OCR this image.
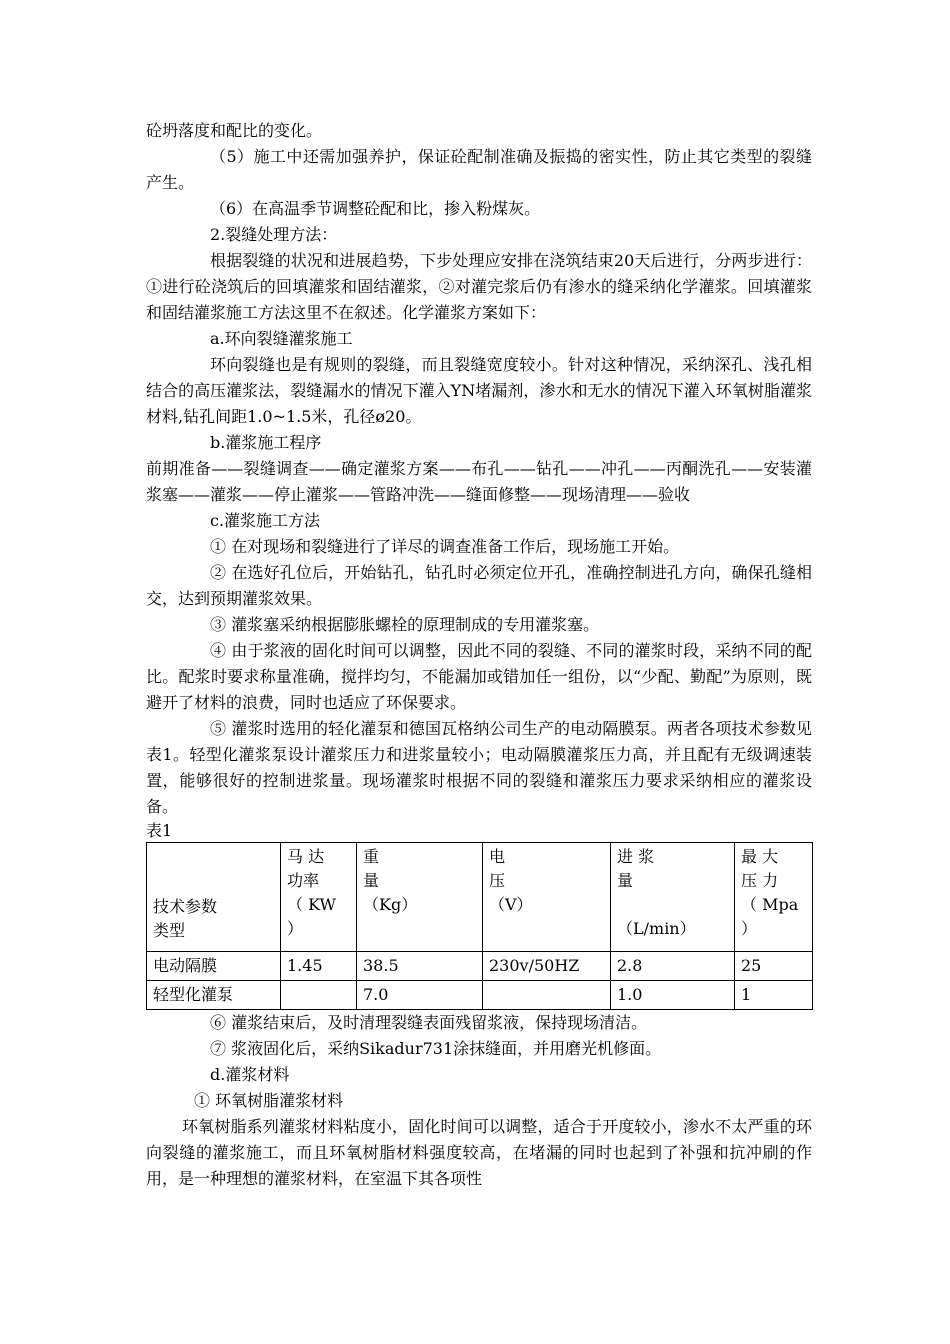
砼坍落度和配比的变化。

（5）施工中还需加强养护，保证砼配制准确及振捣的密实性，防止其它类型的裂缝产生。

（6）在高温季节调整砼配和比，掺入粉煤灰。

2.裂缝处理方法：

根据裂缝的状况和进展趋势，下步处理应安排在浇筑结束20天后进行，分两步进行：①进行砼浇筑后的回填灌浆和固结灌浆，②对灌完浆后仍有渗水的缝采纳化学灌浆。回填灌浆和固结灌浆施工方法这里不在叙述。化学灌浆方案如下：

a.环向裂缝灌浆施工

环向裂缝也是有规则的裂缝，而且裂缝宽度较小。针对这种情况，采纳深孔、浅孔相结合的高压灌浆法，裂缝漏水的情况下灌入YN堵漏剂，渗水和无水的情况下灌入环氧树脂灌浆材料,钻孔间距1.0~1.5米，孔径ø20。

b.灌浆施工程序

前期准备——裂缝调查——确定灌浆方案——布孔——钻孔——冲孔——丙酮洗孔——安装灌浆塞——灌浆——停止灌浆——管路冲洗——缝面修整——现场清理——验收

c.灌浆施工方法

① 在对现场和裂缝进行了详尽的调查准备工作后，现场施工开始。

② 在选好孔位后，开始钻孔，钻孔时必须定位开孔，准确控制进孔方向，确保孔缝相交，达到预期灌浆效果。

③ 灌浆塞采纳根据膨胀螺栓的原理制成的专用灌浆塞。

④ 由于浆液的固化时间可以调整，因此不同的裂缝、不同的灌浆时段，采纳不同的配比。配浆时要求称量准确，搅拌均匀，不能漏加或错加任一组份，以“少配、勤配”为原则，既避开了材料的浪费，同时也适应了环保要求。

⑤ 灌浆时选用的轻化灌泵和德国瓦格纳公司生产的电动隔膜泵。两者各项技术参数见表1。轻型化灌浆泵设计灌浆压力和进浆量较小；电动隔膜灌浆压力高，并且配有无级调速装置，能够很好的控制进浆量。现场灌浆时根据不同的裂缝和灌浆压力要求采纳相应的灌浆设备。

表1

技术参数
类型	马 达
功率
（ KW
）	重
量
（Kg）	电
压
（V）	进 浆
量

（L/min）	最 大
压 力
（ Mpa
）
电动隔膜	1.45	38.5	230v/50HZ	2.8	25
轻型化灌泵		7.0		1.0	1

⑥ 灌浆结束后，及时清理裂缝表面残留浆液，保持现场清洁。

⑦ 浆液固化后，采纳Sikadur731涂抹缝面，并用磨光机修面。

d.灌浆材料

① 环氧树脂灌浆材料

环氧树脂系列灌浆材料粘度小，固化时间可以调整，适合于开度较小，渗水不太严重的环向裂缝的灌浆施工，而且环氧树脂材料强度较高，在堵漏的同时也起到了补强和抗冲刷的作用，是一种理想的灌浆材料，在室温下其各项性
